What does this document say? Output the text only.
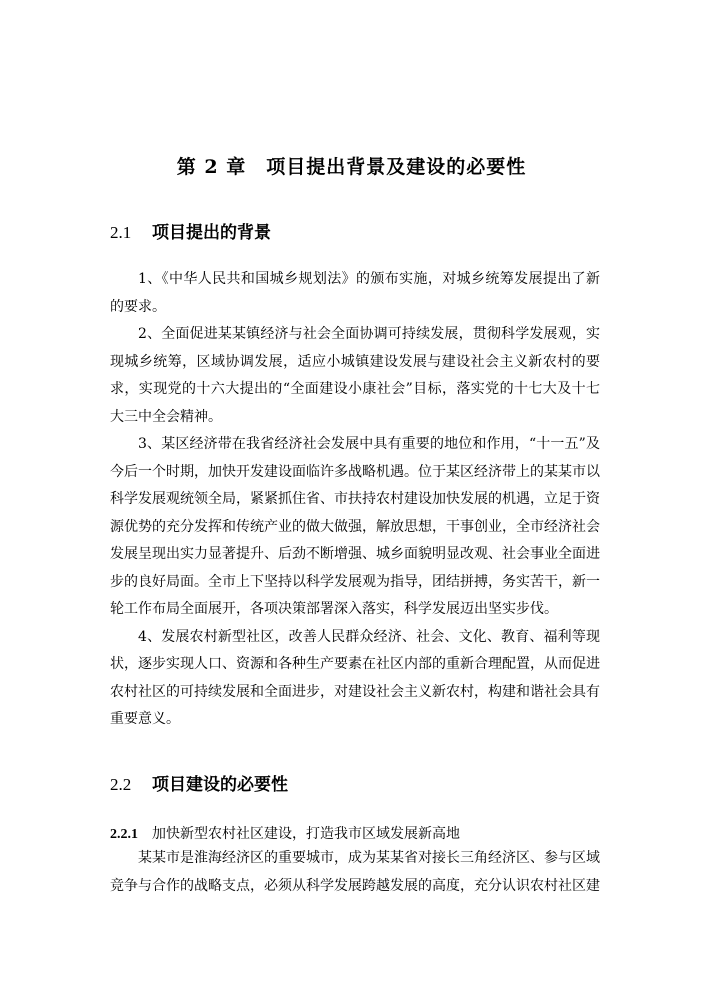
第 2 章　项目提出背景及建设的必要性
2.1 项目提出的背景

1、《中华人民共和国城乡规划法》的颁布实施，对城乡统筹发展提出了新的要求。

2、全面促进某某镇经济与社会全面协调可持续发展，贯彻科学发展观，实现城乡统筹，区域协调发展，适应小城镇建设发展与建设社会主义新农村的要求，实现党的十六大提出的“全面建设小康社会”目标，落实党的十七大及十七大三中全会精神。

3、某区经济带在我省经济社会发展中具有重要的地位和作用，“十一五”及今后一个时期，加快开发建设面临许多战略机遇。位于某区经济带上的某某市以科学发展观统领全局，紧紧抓住省、市扶持农村建设加快发展的机遇，立足于资源优势的充分发挥和传统产业的做大做强，解放思想，干事创业，全市经济社会发展呈现出实力显著提升、后劲不断增强、城乡面貌明显改观、社会事业全面进步的良好局面。全市上下坚持以科学发展观为指导，团结拼搏，务实苦干，新一轮工作布局全面展开，各项决策部署深入落实，科学发展迈出坚实步伐。

4、发展农村新型社区，改善人民群众经济、社会、文化、教育、福利等现状，逐步实现人口、资源和各种生产要素在社区内部的重新合理配置，从而促进农村社区的可持续发展和全面进步，对建设社会主义新农村，构建和谐社会具有重要意义。

2.2 项目建设的必要性
2.2.1 加快新型农村社区建设，打造我市区域发展新高地

某某市是淮海经济区的重要城市，成为某某省对接长三角经济区、参与区域竞争与合作的战略支点，必须从科学发展跨越发展的高度，充分认识农村社区建
